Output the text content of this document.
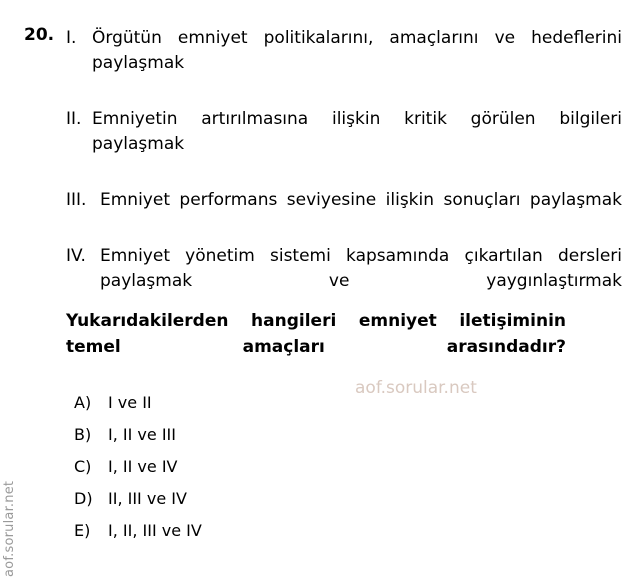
aof.sorular.net
aof.sorular.net
20. I. Örgütün emniyet politikalarını, amaçlarını ve hedeflerini paylaşmak
II. Emniyetin artırılmasına ilişkin kritik görülen bilgileri paylaşmak
III. Emniyet performans seviyesine ilişkin sonuçları paylaşmak
IV. Emniyet yönetim sistemi kapsamında çıkartılan dersleri paylaşmak ve yaygınlaştırmak
Yukarıdakilerden hangileri emniyet iletişiminin temel amaçları arasındadır?
A)	I ve II
B)	I, II ve III
C)	I, II ve IV
D) II, III ve IV
E)	I, II, III ve IV
